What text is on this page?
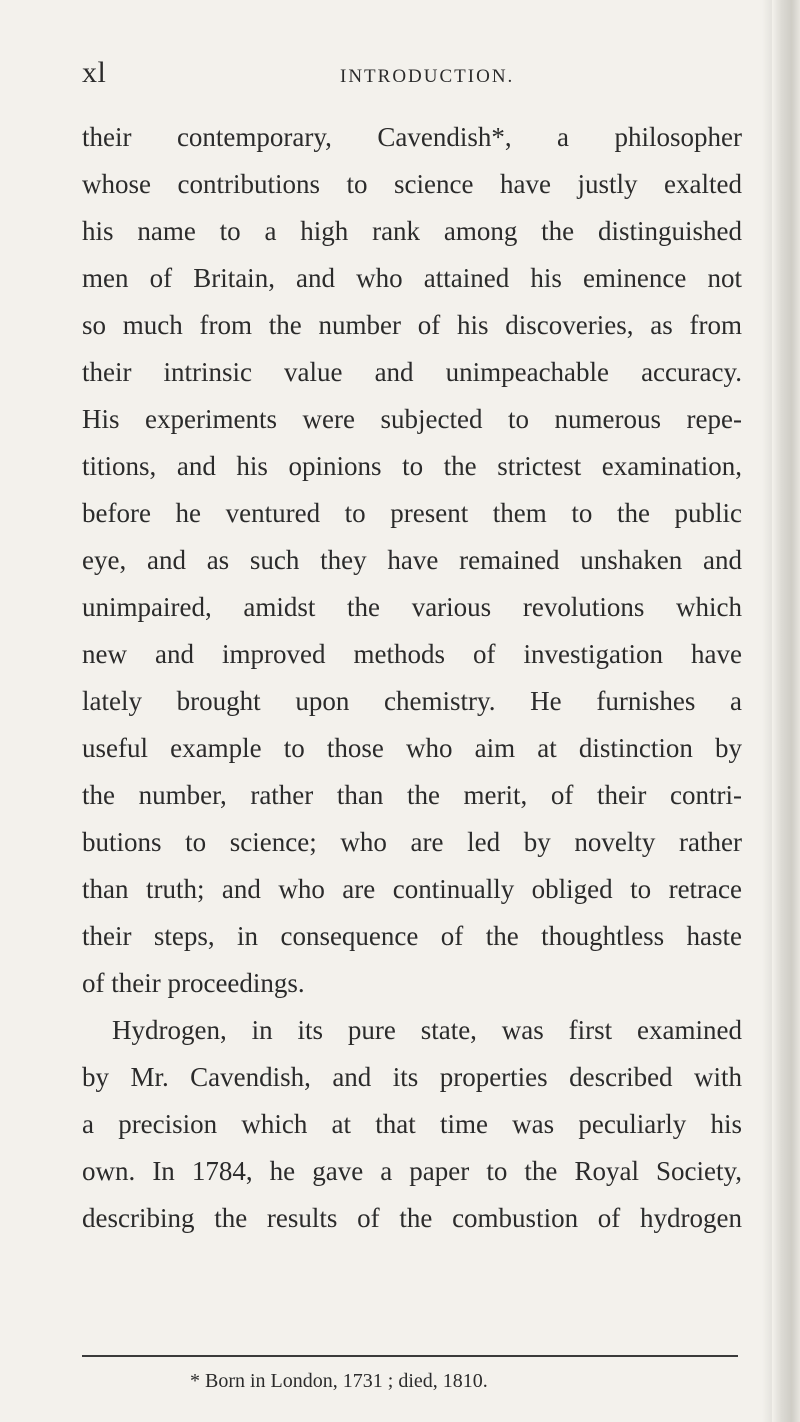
xl	INTRODUCTION.
their contemporary, Cavendish*, a philosopher
whose contributions to science have justly exalted
his name to a high rank among the distinguished
men of Britain, and who attained his eminence not
so much from the number of his discoveries, as from
their intrinsic value and unimpeachable accuracy.
His experiments were subjected to numerous repe-
titions, and his opinions to the strictest examination,
before he ventured to present them to the public
eye, and as such they have remained unshaken and
unimpaired, amidst the various revolutions which
new and improved methods of investigation have
lately brought upon chemistry. He furnishes a
useful example to those who aim at distinction by
the number, rather than the merit, of their contri-
butions to science; who are led by novelty rather
than truth; and who are continually obliged to retrace
their steps, in consequence of the thoughtless haste
of their proceedings.
Hydrogen, in its pure state, was first examined
by Mr. Cavendish, and its properties described with
a precision which at that time was peculiarly his
own. In 1784, he gave a paper to the Royal Society,
describing the results of the combustion of hydrogen
* Born in London, 1731 ; died, 1810.
